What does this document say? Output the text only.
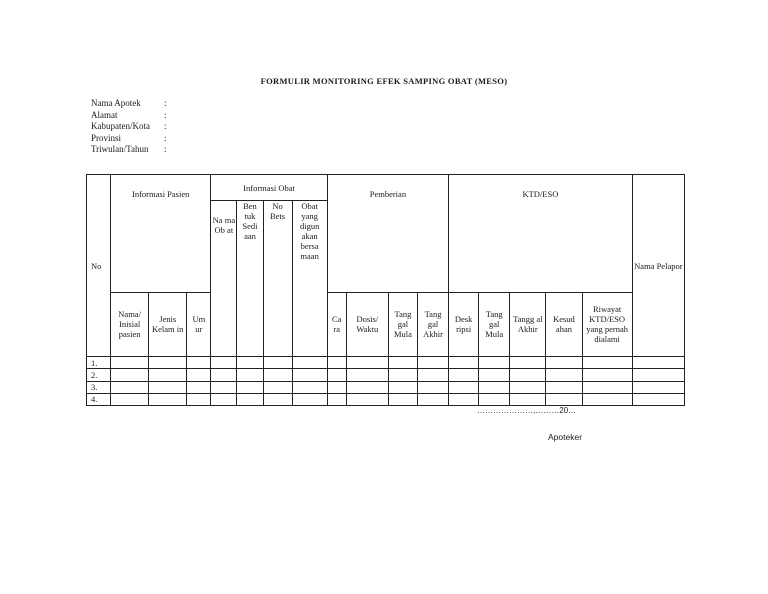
FORMULIR MONITORING EFEK SAMPING OBAT (MESO)
Nama Apotek	:
Alamat	:
Kabupaten/Kota	:
Provinsi	:
Triwulan/Tahun	:
No	Informasi Pasien			Informasi Obat				Pemberian				KTD/ESO					Nama Pelapor
				Na ma Ob at	Ben tuk Sedi aan	No Bets	Obat yang digun akan bersa maan										
	Nama/ Inisial pasien	Jenis Kelam in	Um ur					Ca ra	Dosis/ Waktu	Tang gal Mula	Tang gal Akhir	Desk ripsi	Tang gal Mula	Tangg al Akhir	Kesud ahan	Riwayat KTD/ESO yang pernah dialami	
1.																	
2.																	
3.																	
4.																	
…………………,………20…
Apoteker
